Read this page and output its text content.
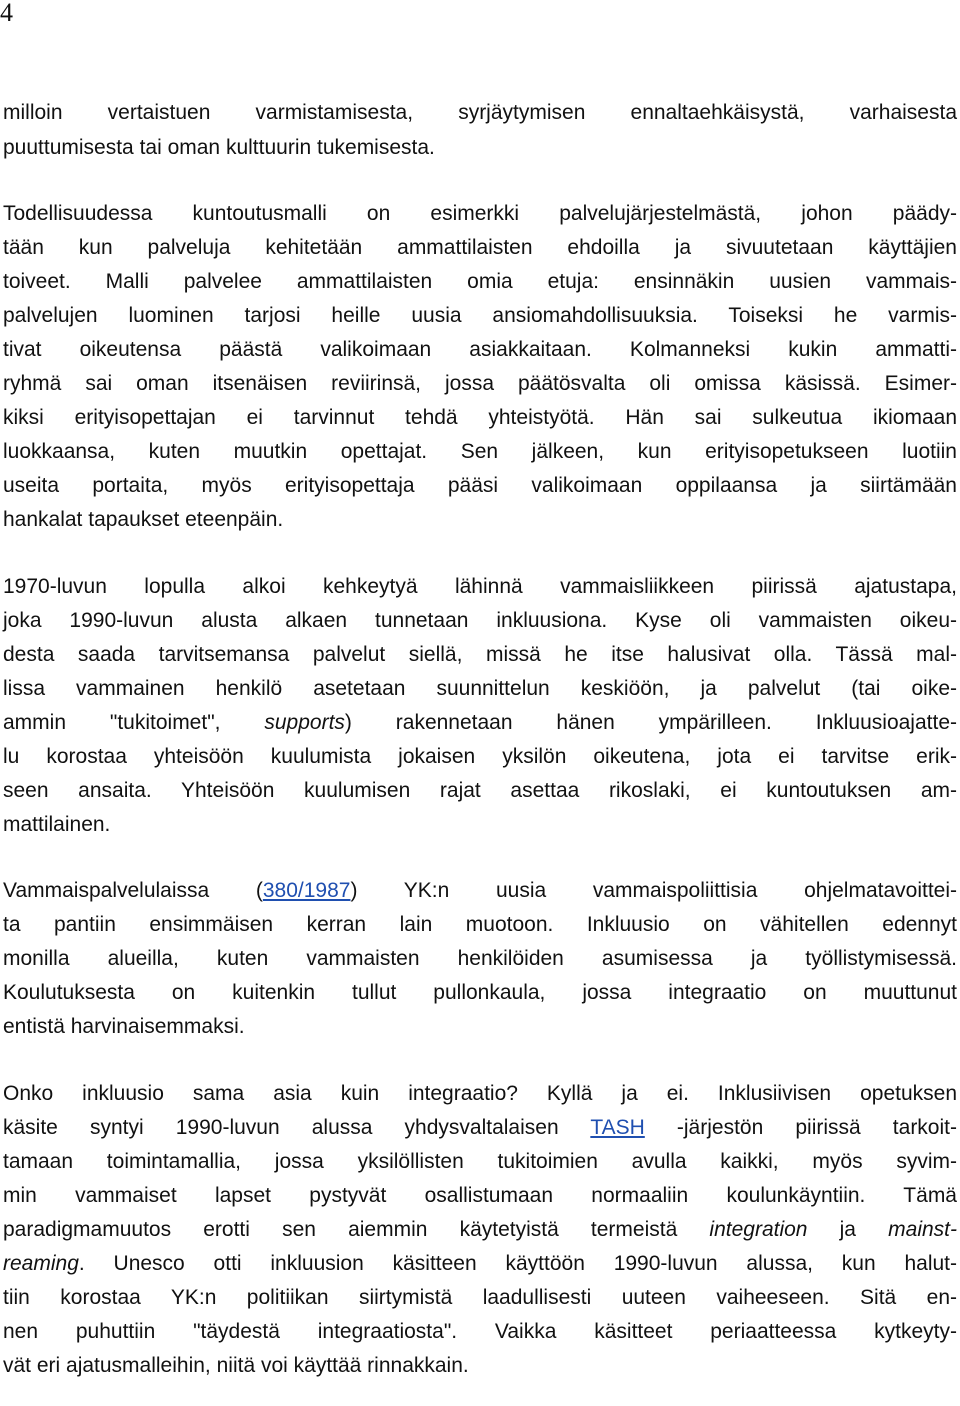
4
milloin vertaistuen varmistamisesta, syrjäytymisen ennaltaehkäisystä, varhaisesta
puuttumisesta tai oman kulttuurin tukemisesta.
Todellisuudessa kuntoutusmalli on esimerkki palvelujärjestelmästä, johon päädy-
tään kun palveluja kehitetään ammattilaisten ehdoilla ja sivuutetaan käyttäjien
toiveet. Malli palvelee ammattilaisten omia etuja: ensinnäkin uusien vammais-
palvelujen luominen tarjosi heille uusia ansiomahdollisuuksia. Toiseksi he varmis-
tivat oikeutensa päästä valikoimaan asiakkaitaan. Kolmanneksi kukin ammatti-
ryhmä sai oman itsenäisen reviirinsä, jossa päätösvalta oli omissa käsissä. Esimer-
kiksi erityisopettajan ei tarvinnut tehdä yhteistyötä. Hän sai sulkeutua ikiomaan
luokkaansa, kuten muutkin opettajat. Sen jälkeen, kun erityisopetukseen luotiin
useita portaita, myös erityisopettaja pääsi valikoimaan oppilaansa ja siirtämään
hankalat tapaukset eteenpäin.
1970-luvun lopulla alkoi kehkeytyä lähinnä vammaisliikkeen piirissä ajatustapa,
joka 1990-luvun alusta alkaen tunnetaan inkluusiona. Kyse oli vammaisten oikeu-
desta saada tarvitsemansa palvelut siellä, missä he itse halusivat olla. Tässä mal-
lissa vammainen henkilö asetetaan suunnittelun keskiöön, ja palvelut (tai oike-
ammin "tukitoimet", supports) rakennetaan hänen ympärilleen. Inkluusioajatte-
lu korostaa yhteisöön kuulumista jokaisen yksilön oikeutena, jota ei tarvitse erik-
seen ansaita. Yhteisöön kuulumisen rajat asettaa rikoslaki, ei kuntoutuksen am-
mattilainen.
Vammaispalvelulaissa (380/1987) YK:n uusia vammaispoliittisia ohjelmatavoittei-
ta pantiin ensimmäisen kerran lain muotoon. Inkluusio on vähitellen edennyt
monilla alueilla, kuten vammaisten henkilöiden asumisessa ja työllistymisessä.
Koulutuksesta on kuitenkin tullut pullonkaula, jossa integraatio on muuttunut
entistä harvinaisemmaksi.
Onko inkluusio sama asia kuin integraatio? Kyllä ja ei. Inklusiivisen opetuksen
käsite syntyi 1990-luvun alussa yhdysvaltalaisen TASH -järjestön piirissä tarkoit-
tamaan toimintamallia, jossa yksilöllisten tukitoimien avulla kaikki, myös syvim-
min vammaiset lapset pystyvät osallistumaan normaaliin koulunkäyntiin. Tämä
paradigmamuutos erotti sen aiemmin käytetyistä termeistä integration ja mainst-
reaming. Unesco otti inkluusion käsitteen käyttöön 1990-luvun alussa, kun halut-
tiin korostaa YK:n politiikan siirtymistä laadullisesti uuteen vaiheeseen. Sitä en-
nen puhuttiin "täydestä integraatiosta". Vaikka käsitteet periaatteessa kytkeyty-
vät eri ajatusmalleihin, niitä voi käyttää rinnakkain.
